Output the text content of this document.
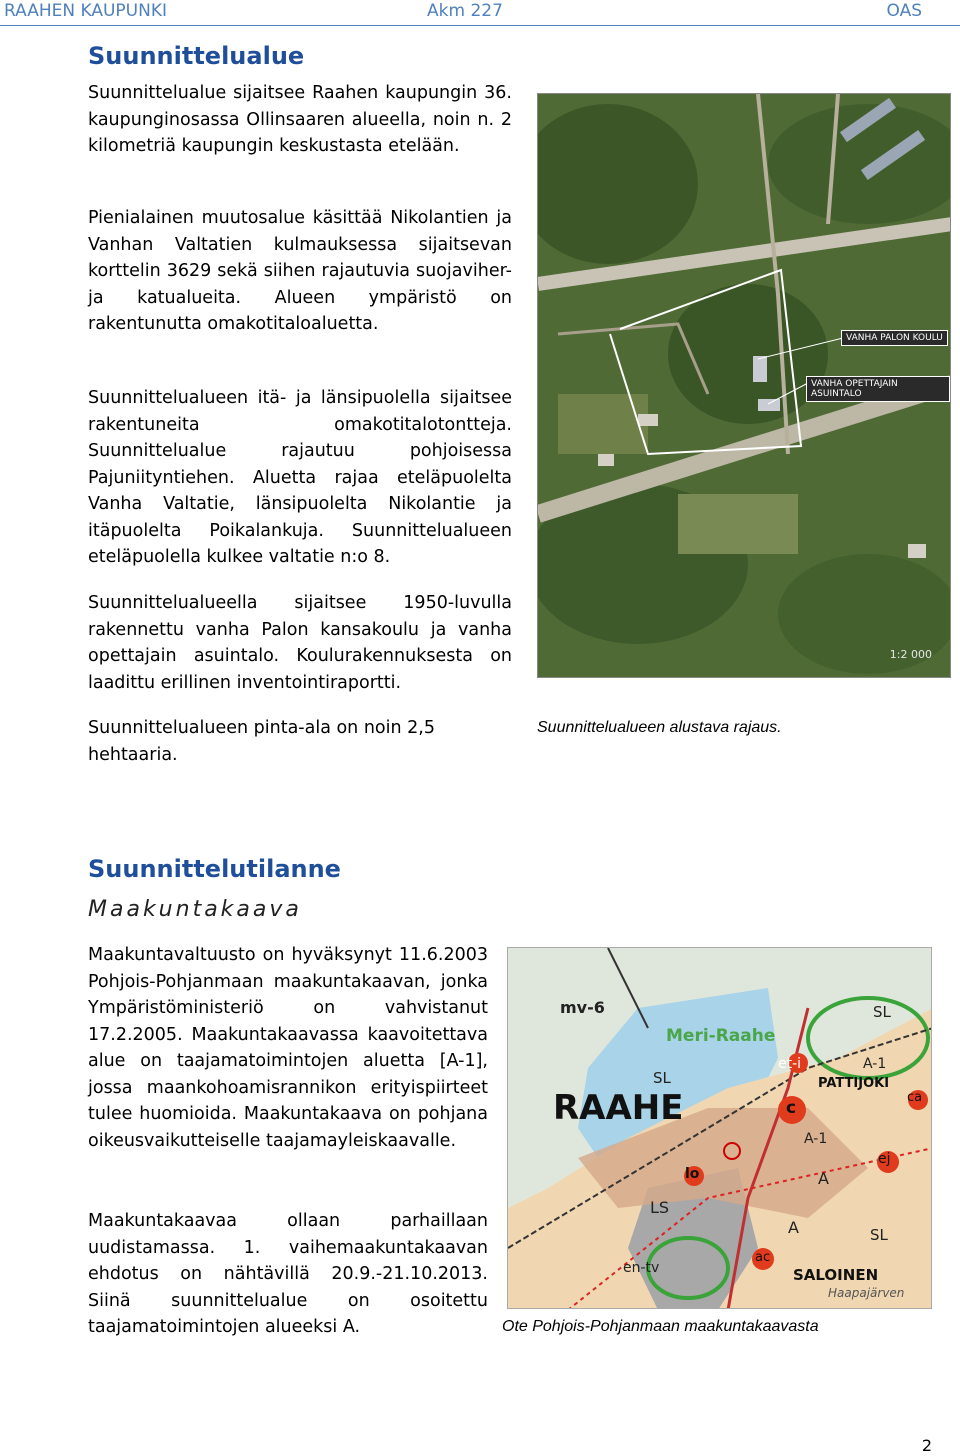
RAAHEN KAUPUNKI	Akm 227	OAS
Suunnittelualue

Suunnittelualue sijaitsee Raahen kaupungin 36. kaupunginosassa Ollinsaaren alueella, noin n. 2 kilometriä kaupungin keskustasta etelään.

Pienialainen muutosalue käsittää Nikolantien ja Vanhan Valtatien kulmauksessa sijaitsevan korttelin 3629 sekä siihen rajautuvia suojaviher- ja katualueita. Alueen ympäristö on rakentunutta omakotitaloaluetta.

Suunnittelualueen itä- ja länsipuolella sijaitsee rakentuneita omakotitalotontteja. Suunnittelualue rajautuu pohjoisessa Pajuniityntiehen. Aluetta rajaa eteläpuolelta Vanha Valtatie, länsipuolelta Nikolantie ja itäpuolelta Poikalankuja. Suunnittelualueen eteläpuolella kulkee valtatie n:o 8.

Suunnittelualueella sijaitsee 1950-luvulla rakennettu vanha Palon kansakoulu ja vanha opettajain asuintalo. Koulurakennuksesta on laadittu erillinen inventointiraportti.

Suunnittelualueen pinta-ala on noin 2,5 hehtaaria.

VANHA PALON KOULU
VANHA OPETTAJAIN ASUINTALO
1:2 000

Suunnittelualueen alustava rajaus.

Suunnittelutilanne

Maakuntakaava

Maakuntavaltuusto on hyväksynyt 11.6.2003 Pohjois-Pohjanmaan maakuntakaavan, jonka Ympäristöministeriö on vahvistanut 17.2.2005. Maakuntakaavassa kaavoitettava alue on taajamatoimintojen aluetta [A-1], jossa maankohoamisrannikon erityispiirteet tulee huomioida. Maakuntakaava on pohjana oikeusvaikutteiselle taajamayleiskaavalle.

Maakuntakaavaa ollaan parhaillaan uudistamassa. 1. vaihemaakuntakaavan ehdotus on nähtävillä 20.9.-21.10.2013. Siinä suunnittelualue on osoitettu taajamatoimintojen alueeksi A.

mv-6
Meri-Raahe
SL
SL
RAAHE
et-i	A-1
PATTIJOKI
c
ca
A-1
ej
lo	A
LS
A	SL
ac
en-tv	SALOINEN
Haapajärven

Ote Pohjois-Pohjanmaan maakuntakaavasta

2
